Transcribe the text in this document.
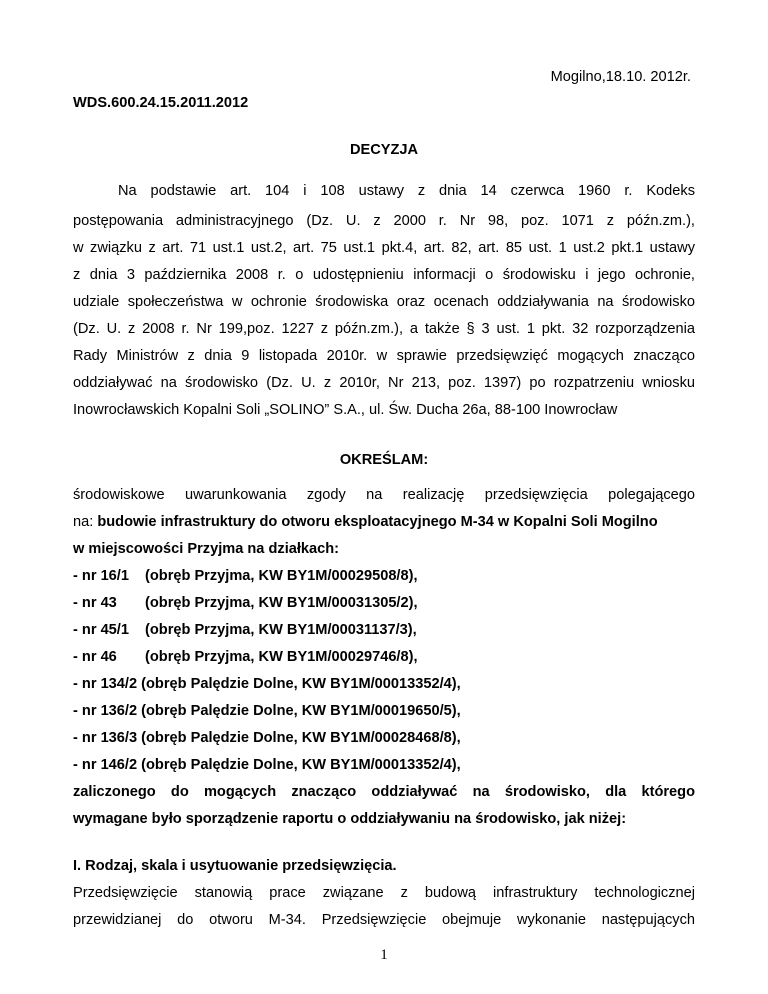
Mogilno,18.10. 2012r.
WDS.600.24.15.2011.2012
DECYZJA
Na podstawie art. 104 i 108 ustawy z dnia 14 czerwca 1960 r. Kodeks
postępowania administracyjnego (Dz. U. z 2000 r. Nr 98, poz. 1071 z późn.zm.),
w związku z art. 71 ust.1 ust.2, art. 75 ust.1 pkt.4, art. 82, art. 85 ust. 1 ust.2 pkt.1 ustawy
z dnia 3 października 2008 r. o udostępnieniu informacji o środowisku i jego ochronie,
udziale społeczeństwa w ochronie środowiska oraz ocenach oddziaływania na środowisko
(Dz. U. z 2008 r. Nr 199,poz. 1227 z późn.zm.), a także § 3 ust. 1 pkt. 32 rozporządzenia
Rady Ministrów z dnia 9 listopada 2010r. w sprawie przedsięwzięć mogących znacząco
oddziaływać na środowisko (Dz. U. z 2010r, Nr 213, poz. 1397) po rozpatrzeniu wniosku
Inowrocławskich Kopalni Soli „SOLINO” S.A., ul. Św. Ducha 26a, 88-100 Inowrocław
OKREŚLAM:
środowiskowe uwarunkowania zgody na realizację przedsięwzięcia polegającego
na: budowie infrastruktury do otworu eksploatacyjnego M-34 w Kopalni Soli Mogilno
w miejscowości Przyjma na działkach:
- nr 16/1 (obręb Przyjma, KW BY1M/00029508/8),
- nr 43 (obręb Przyjma, KW BY1M/00031305/2),
- nr 45/1 (obręb Przyjma, KW BY1M/00031137/3),
- nr 46 (obręb Przyjma, KW BY1M/00029746/8),
- nr 134/2 (obręb Palędzie Dolne, KW BY1M/00013352/4),
- nr 136/2 (obręb Palędzie Dolne, KW BY1M/00019650/5),
- nr 136/3 (obręb Palędzie Dolne, KW BY1M/00028468/8),
- nr 146/2 (obręb Palędzie Dolne, KW BY1M/00013352/4),
zaliczonego do mogących znacząco oddziaływać na środowisko, dla którego
wymagane było sporządzenie raportu o oddziaływaniu na środowisko, jak niżej:
I. Rodzaj, skala i usytuowanie przedsięwzięcia.
Przedsięwzięcie stanowią prace związane z budową infrastruktury technologicznej
przewidzianej do otworu M-34. Przedsięwzięcie obejmuje wykonanie następujących
1
